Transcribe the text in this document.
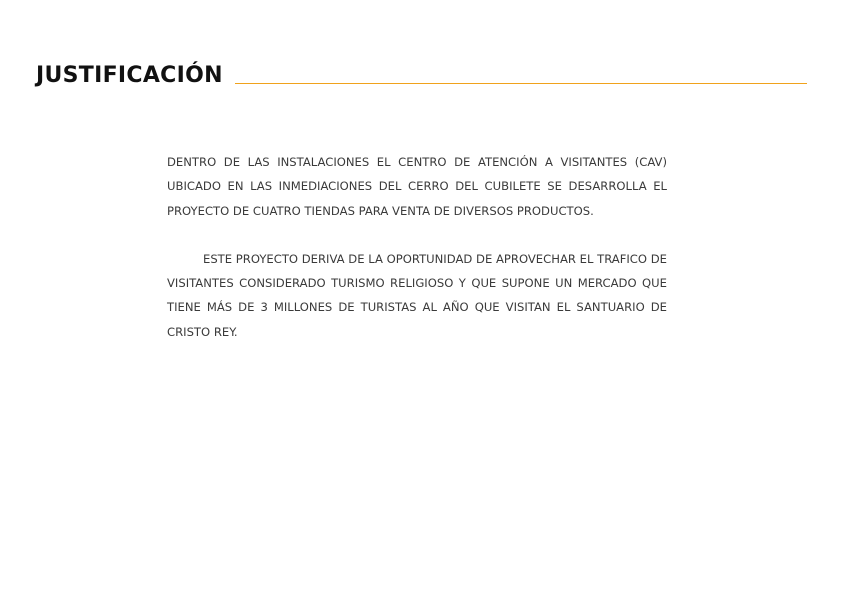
JUSTIFICACIÓN

DENTRO DE LAS INSTALACIONES EL CENTRO DE ATENCIÓN A VISITANTES (CAV) UBICADO EN LAS INMEDIACIONES DEL CERRO DEL CUBILETE SE DESARROLLA EL PROYECTO DE CUATRO TIENDAS PARA VENTA DE DIVERSOS PRODUCTOS.

ESTE PROYECTO DERIVA DE LA OPORTUNIDAD DE APROVECHAR EL TRAFICO DE VISITANTES CONSIDERADO TURISMO RELIGIOSO Y QUE SUPONE UN MERCADO QUE TIENE MÁS DE 3 MILLONES DE TURISTAS AL AÑO QUE VISITAN EL SANTUARIO DE CRISTO REY.
